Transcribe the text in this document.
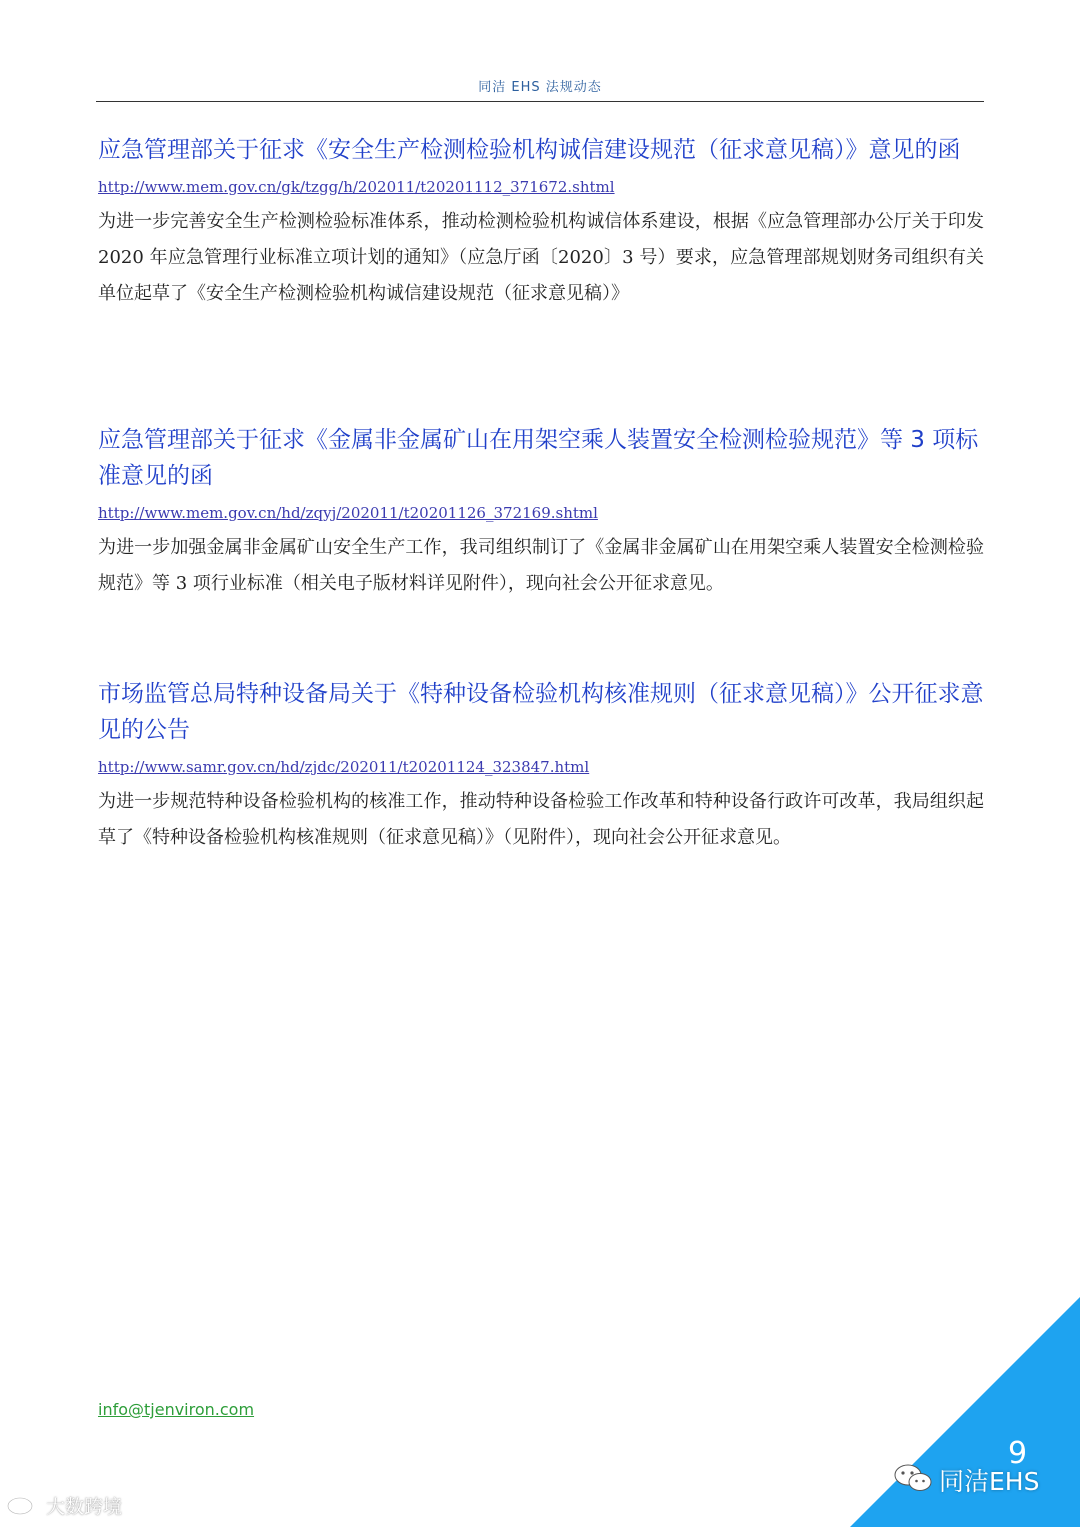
同洁 EHS 法规动态
应急管理部关于征求《安全生产检测检验机构诚信建设规范（征求意见稿）》意见的函
http://www.mem.gov.cn/gk/tzgg/h/202011/t20201112_371672.shtml
为进一步完善安全生产检测检验标准体系，推动检测检验机构诚信体系建设，根据《应急管理部办公厅关于印发 2020 年应急管理行业标准立项计划的通知》（应急厅函〔2020〕3 号）要求，应急管理部规划财务司组织有关单位起草了《安全生产检测检验机构诚信建设规范（征求意见稿）》
应急管理部关于征求《金属非金属矿山在用架空乘人装置安全检测检验规范》等 3 项标准意见的函
http://www.mem.gov.cn/hd/zqyj/202011/t20201126_372169.shtml
为进一步加强金属非金属矿山安全生产工作，我司组织制订了《金属非金属矿山在用架空乘人装置安全检测检验规范》等 3 项行业标准（相关电子版材料详见附件），现向社会公开征求意见。
市场监管总局特种设备局关于《特种设备检验机构核准规则（征求意见稿）》公开征求意见的公告
http://www.samr.gov.cn/hd/zjdc/202011/t20201124_323847.html
为进一步规范特种设备检验机构的核准工作，推动特种设备检验工作改革和特种设备行政许可改革，我局组织起草了《特种设备检验机构核准规则（征求意见稿）》（见附件），现向社会公开征求意见。
info@tjenviron.com
9
同洁EHS
大数跨境
